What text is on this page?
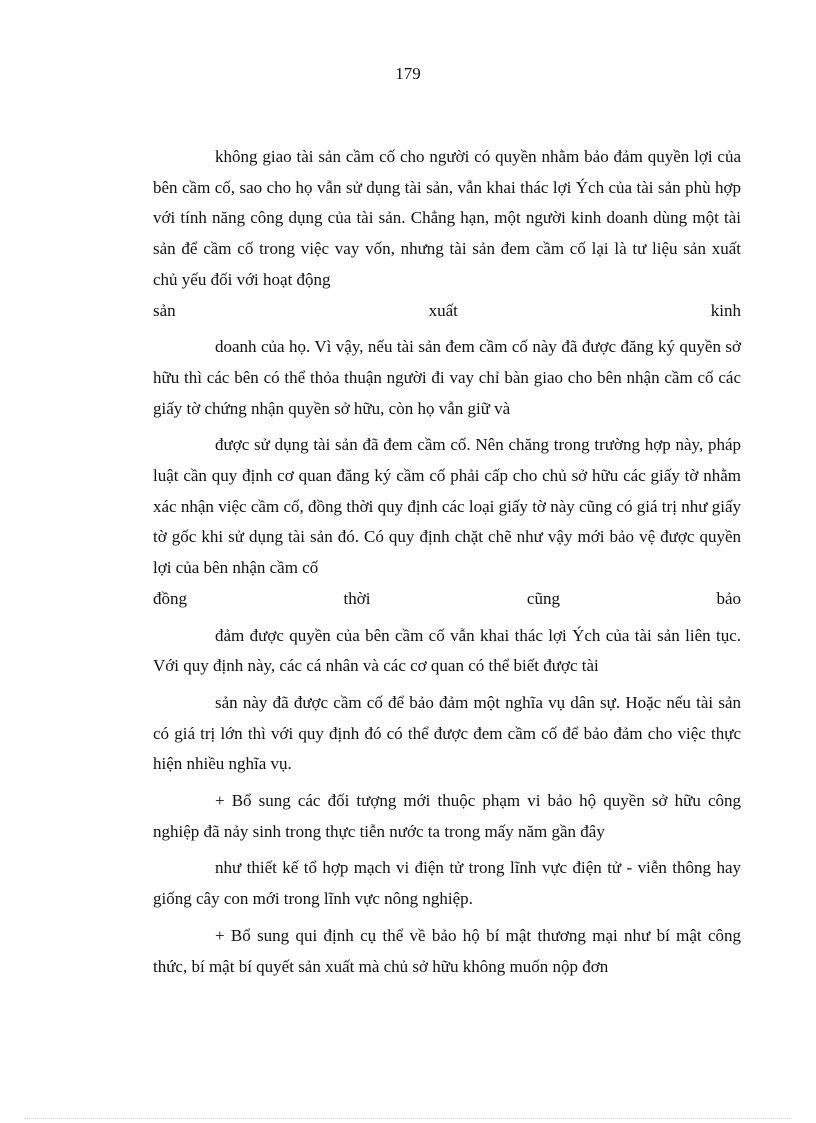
179

không giao tài sản cầm cố cho người có quyền nhằm bảo đảm quyền lợi của bên cầm cố, sao cho họ vẫn sử dụng tài sản, vẫn khai thác lợi Ých của tài sản phù hợp với tính năng công dụng của tài sản. Chẳng hạn, một người kinh doanh dùng một tài sản để cầm cố trong việc vay vốn, nhưng tài sản đem cầm cố lại là tư liệu sản xuất chủ yếu đối với hoạt động

sản xuất kinh

doanh của họ. Vì vậy, nếu tài sản đem cầm cố này đã được đăng ký quyền sở hữu thì các bên có thể thỏa thuận người đi vay chỉ bàn giao cho bên nhận cầm cố các giấy tờ chứng nhận quyền sở hữu, còn họ vẫn giữ và

được sử dụng tài sản đã đem cầm cố. Nên chăng trong trường hợp này, pháp luật cần quy định cơ quan đăng ký cầm cố phải cấp cho chủ sở hữu các giấy tờ nhằm xác nhận việc cầm cố, đồng thời quy định các loại giấy tờ này cũng có giá trị như giấy tờ gốc khi sử dụng tài sản đó. Có quy định chặt chẽ như vậy mới bảo vệ được quyền lợi của bên nhận cầm cố

đồng thời cũng bảo

đảm được quyền của bên cầm cố vẫn khai thác lợi Ých của tài sản liên tục. Với quy định này, các cá nhân và các cơ quan có thể biết được tài

sản này đã được cầm cố để bảo đảm một nghĩa vụ dân sự. Hoặc nếu tài sản có giá trị lớn thì với quy định đó có thể được đem cầm cố để bảo đảm cho việc thực hiện nhiều nghĩa vụ.

+ Bổ sung các đối tượng mới thuộc phạm vi bảo hộ quyền sở hữu công nghiệp đã nảy sinh trong thực tiễn nước ta trong mấy năm gần đây

như thiết kế tổ hợp mạch vi điện tử trong lĩnh vực điện tử - viễn thông hay giống cây con mới trong lĩnh vực nông nghiệp.

+ Bổ sung qui định cụ thể về bảo hộ bí mật thương mại như bí mật công thức, bí mật bí quyết sản xuất mà chủ sở hữu không muốn nộp đơn
